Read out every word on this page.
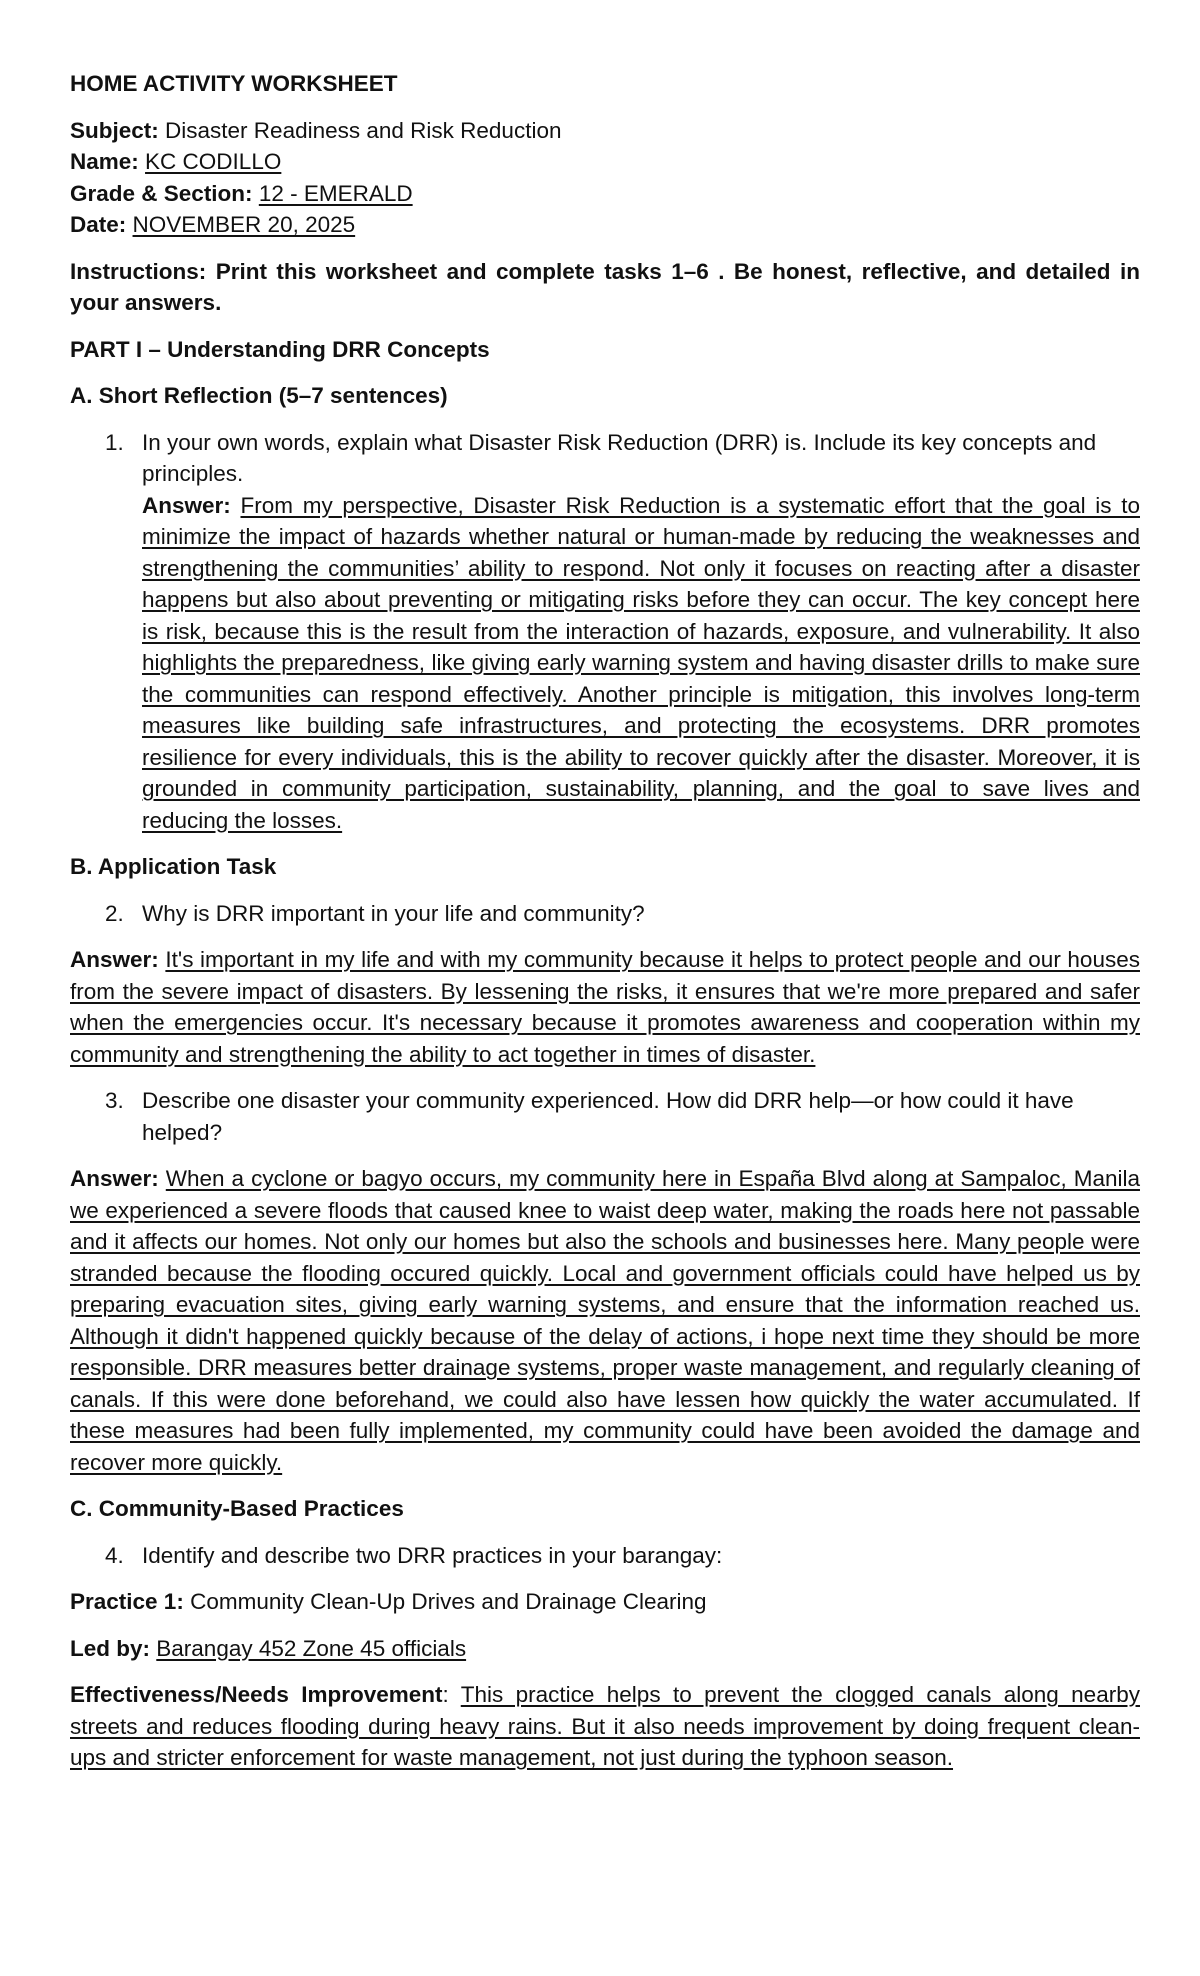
HOME ACTIVITY WORKSHEET
Subject: Disaster Readiness and Risk Reduction
Name: KC CODILLO
Grade & Section: 12 - EMERALD
Date: NOVEMBER 20, 2025
Instructions: Print this worksheet and complete tasks 1–6 . Be honest, reflective, and detailed in your answers.
PART I – Understanding DRR Concepts
A. Short Reflection (5–7 sentences)
1. In your own words, explain what Disaster Risk Reduction (DRR) is. Include its key concepts and principles.
Answer: From my perspective, Disaster Risk Reduction is a systematic effort that the goal is to minimize the impact of hazards whether natural or human-made by reducing the weaknesses and strengthening the communities’ ability to respond. Not only it focuses on reacting after a disaster happens but also about preventing or mitigating risks before they can occur. The key concept here is risk, because this is the result from the interaction of hazards, exposure, and vulnerability. It also highlights the preparedness, like giving early warning system and having disaster drills to make sure the communities can respond effectively. Another principle is mitigation, this involves long-term measures like building safe infrastructures, and protecting the ecosystems. DRR promotes resilience for every individuals, this is the ability to recover quickly after the disaster. Moreover, it is grounded in community participation, sustainability, planning, and the goal to save lives and reducing the losses.
B. Application Task
2. Why is DRR important in your life and community?
Answer: It's important in my life and with my community because it helps to protect people and our houses from the severe impact of disasters. By lessening the risks, it ensures that we're more prepared and safer when the emergencies occur. It's necessary because it promotes awareness and cooperation within my community and strengthening the ability to act together in times of disaster.
3. Describe one disaster your community experienced. How did DRR help—or how could it have helped?
Answer: When a cyclone or bagyo occurs, my community here in España Blvd along at Sampaloc, Manila we experienced a severe floods that caused knee to waist deep water, making the roads here not passable and it affects our homes. Not only our homes but also the schools and businesses here. Many people were stranded because the flooding occured quickly. Local and government officials could have helped us by preparing evacuation sites, giving early warning systems, and ensure that the information reached us. Although it didn't happened quickly because of the delay of actions, i hope next time they should be more responsible. DRR measures better drainage systems, proper waste management, and regularly cleaning of canals. If this were done beforehand, we could also have lessen how quickly the water accumulated. If these measures had been fully implemented, my community could have been avoided the damage and recover more quickly.
C. Community-Based Practices
4. Identify and describe two DRR practices in your barangay:
Practice 1: Community Clean-Up Drives and Drainage Clearing
Led by: Barangay 452 Zone 45 officials
Effectiveness/Needs Improvement: This practice helps to prevent the clogged canals along nearby streets and reduces flooding during heavy rains. But it also needs improvement by doing frequent clean-ups and stricter enforcement for waste management, not just during the typhoon season.
